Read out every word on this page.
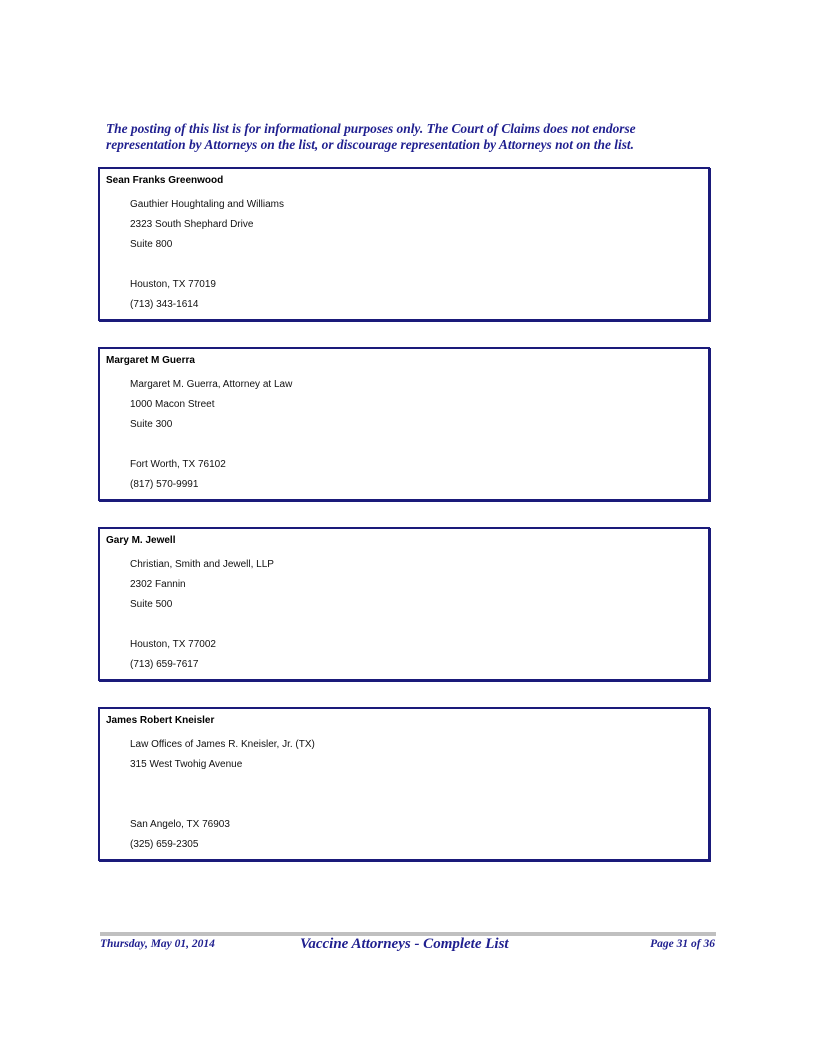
The posting of this list is for informational purposes only. The Court of Claims does not endorse
representation by Attorneys on the list, or discourage representation by Attorneys not on the list.
Sean Franks Greenwood
Gauthier Houghtaling and Williams
2323 South Shephard Drive
Suite 800
Houston, TX 77019
(713) 343-1614
Margaret M Guerra
Margaret M. Guerra, Attorney at Law
1000 Macon Street
Suite 300
Fort Worth, TX 76102
(817) 570-9991
Gary M. Jewell
Christian, Smith and Jewell, LLP
2302 Fannin
Suite 500
Houston, TX 77002
(713) 659-7617
James Robert Kneisler
Law Offices of James R. Kneisler, Jr. (TX)
315 West Twohig Avenue
San Angelo, TX 76903
(325) 659-2305
Thursday, May 01, 2014	Vaccine Attorneys - Complete List	Page 31 of 36
